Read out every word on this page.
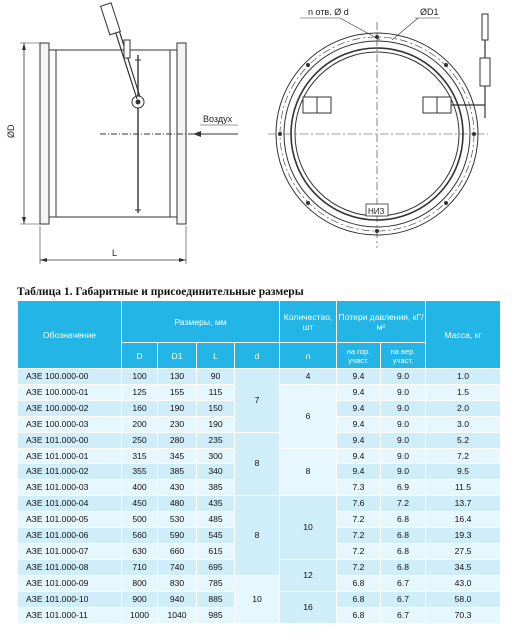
ØD
L
Воздух
n отв. Ø d	ØD1
НИЗ
Таблица 1. Габаритные и присоединительные размеры
Обозначение	Размеры, мм				Количество, шт	Потери давления, кГ/м²		Масса, кг
	D	D1	L	d	n	на гор. участ.	на вер. участ.	
АЗЕ 100.000-00	100	130	90	7	4	9.4	9.0	1.0
АЗЕ 100.000-01	125	155	115		6	9.4	9.0	1.5
АЗЕ 100.000-02	160	190	150			9.4	9.0	2.0
АЗЕ 100.000-03	200	230	190			9.4	9.0	3.0
АЗЕ 101.000-00	250	280	235	8		9.4	9.0	5.2
АЗЕ 101.000-01	315	345	300		8	9.4	9.0	7.2
АЗЕ 101.000-02	355	385	340			9.4	9.0	9.5
АЗЕ 101.000-03	400	430	385			7.3	6.9	11.5
АЗЕ 101.000-04	450	480	435	8	10	7.6	7.2	13.7
АЗЕ 101.000-05	500	530	485			7.2	6.8	16.4
АЗЕ 101.000-06	560	590	545			7.2	6.8	19.3
АЗЕ 101.000-07	630	660	615			7.2	6.8	27.5
АЗЕ 101.000-08	710	740	695		12	7.2	6.8	34.5
АЗЕ 101.000-09	800	830	785	10		6.8	6.7	43.0
АЗЕ 101.000-10	900	940	885		16	6.8	6.7	58.0
АЗЕ 101.000-11	1000	1040	985			6.8	6.7	70.3
